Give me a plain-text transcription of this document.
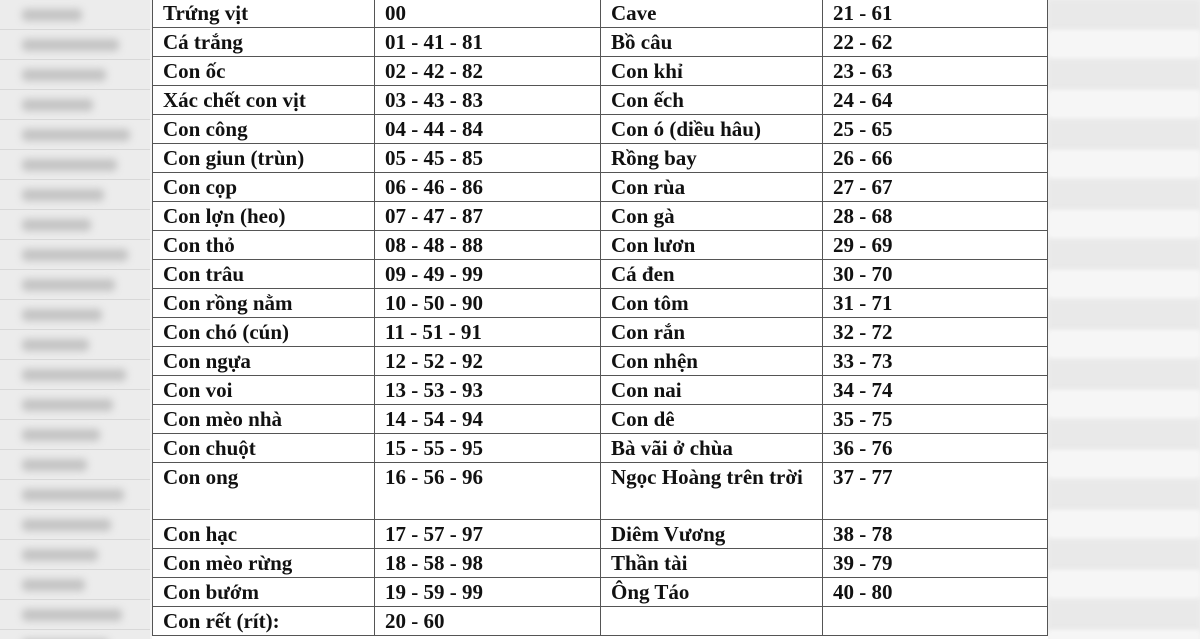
Trứng vịt	00	Cave	21 - 61
Cá trắng	01 - 41 - 81	Bồ câu	22 - 62
Con ốc	02 - 42 - 82	Con khỉ	23 - 63
Xác chết con vịt	03 - 43 - 83	Con ếch	24 - 64
Con công	04 - 44 - 84	Con ó (diều hâu)	25 - 65
Con giun (trùn)	05 - 45 - 85	Rồng bay	26 - 66
Con cọp	06 - 46 - 86	Con rùa	27 - 67
Con lợn (heo)	07 - 47 - 87	Con gà	28 - 68
Con thỏ	08 - 48 - 88	Con lươn	29 - 69
Con trâu	09 - 49 - 99	Cá đen	30 - 70
Con rồng nằm	10 - 50 - 90	Con tôm	31 - 71
Con chó (cún)	11 - 51 - 91	Con rắn	32 - 72
Con ngựa	12 - 52 - 92	Con nhện	33 - 73
Con voi	13 - 53 - 93	Con nai	34 - 74
Con mèo nhà	14 - 54 - 94	Con dê	35 - 75
Con chuột	15 - 55 - 95	Bà vãi ở chùa	36 - 76
Con ong	16 - 56 - 96	Ngọc Hoàng trên trời	37 - 77
Con hạc	17 - 57 - 97	Diêm Vương	38 - 78
Con mèo rừng	18 - 58 - 98	Thần tài	39 - 79
Con bướm	19 - 59 - 99	Ông Táo	40 - 80
Con rết (rít):	20 - 60		
